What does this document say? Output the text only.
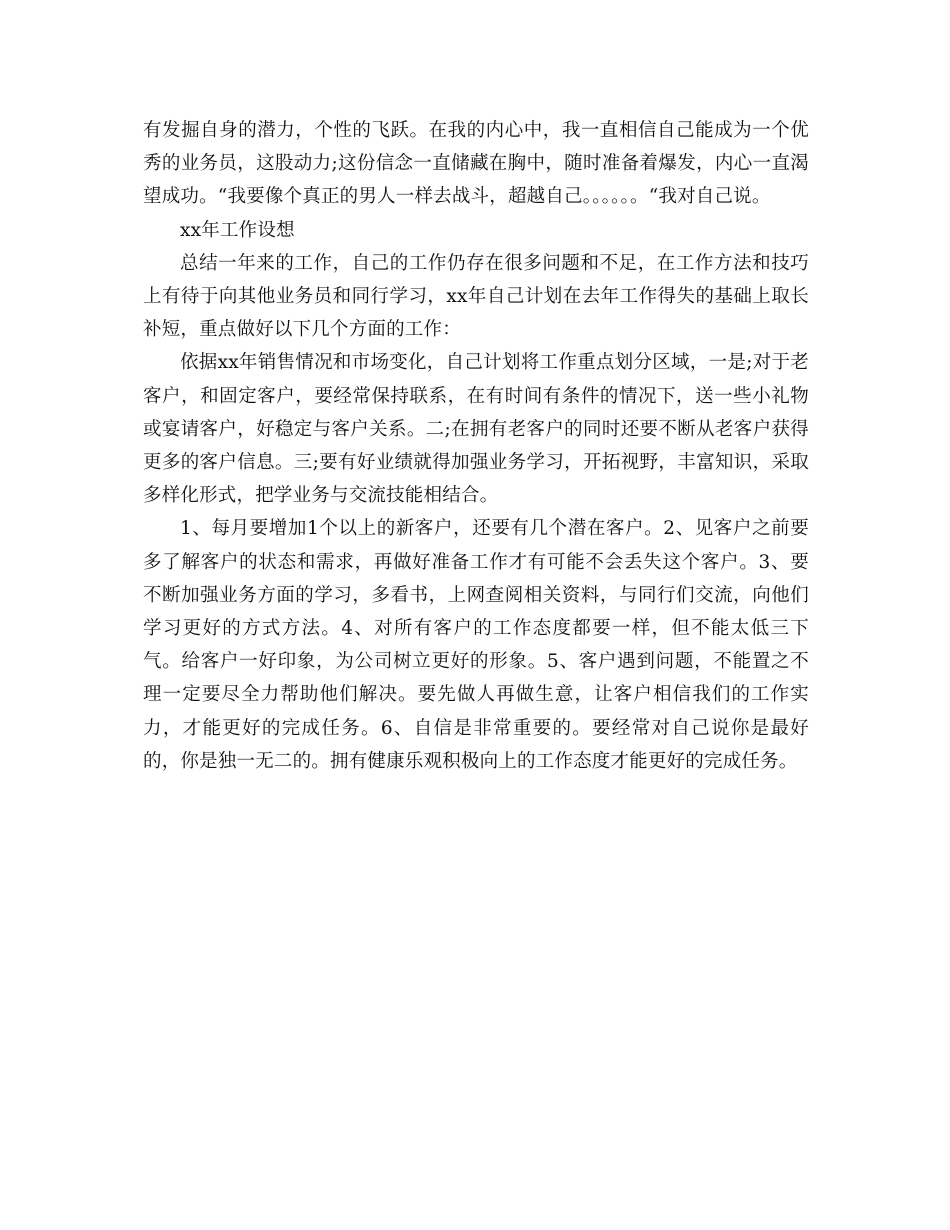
有发掘自身的潜力，个性的飞跃。在我的内心中，我一直相信自己能成为一个优秀的业务员，这股动力;这份信念一直储藏在胸中，随时准备着爆发，内心一直渴望成功。“我要像个真正的男人一样去战斗，超越自己。。。。。。“我对自己说。

xx年工作设想

总结一年来的工作，自己的工作仍存在很多问题和不足，在工作方法和技巧上有待于向其他业务员和同行学习，xx年自己计划在去年工作得失的基础上取长补短，重点做好以下几个方面的工作：

依据xx年销售情况和市场变化，自己计划将工作重点划分区域，一是;对于老客户，和固定客户，要经常保持联系，在有时间有条件的情况下，送一些小礼物或宴请客户，好稳定与客户关系。二;在拥有老客户的同时还要不断从老客户获得更多的客户信息。三;要有好业绩就得加强业务学习，开拓视野，丰富知识，采取多样化形式，把学业务与交流技能相结合。

1、每月要增加1个以上的新客户，还要有几个潜在客户。2、见客户之前要多了解客户的状态和需求，再做好准备工作才有可能不会丢失这个客户。3、要不断加强业务方面的学习，多看书，上网查阅相关资料，与同行们交流，向他们学习更好的方式方法。4、对所有客户的工作态度都要一样，但不能太低三下气。给客户一好印象，为公司树立更好的形象。5、客户遇到问题，不能置之不理一定要尽全力帮助他们解决。要先做人再做生意，让客户相信我们的工作实力，才能更好的完成任务。6、自信是非常重要的。要经常对自己说你是最好的，你是独一无二的。拥有健康乐观积极向上的工作态度才能更好的完成任务。
